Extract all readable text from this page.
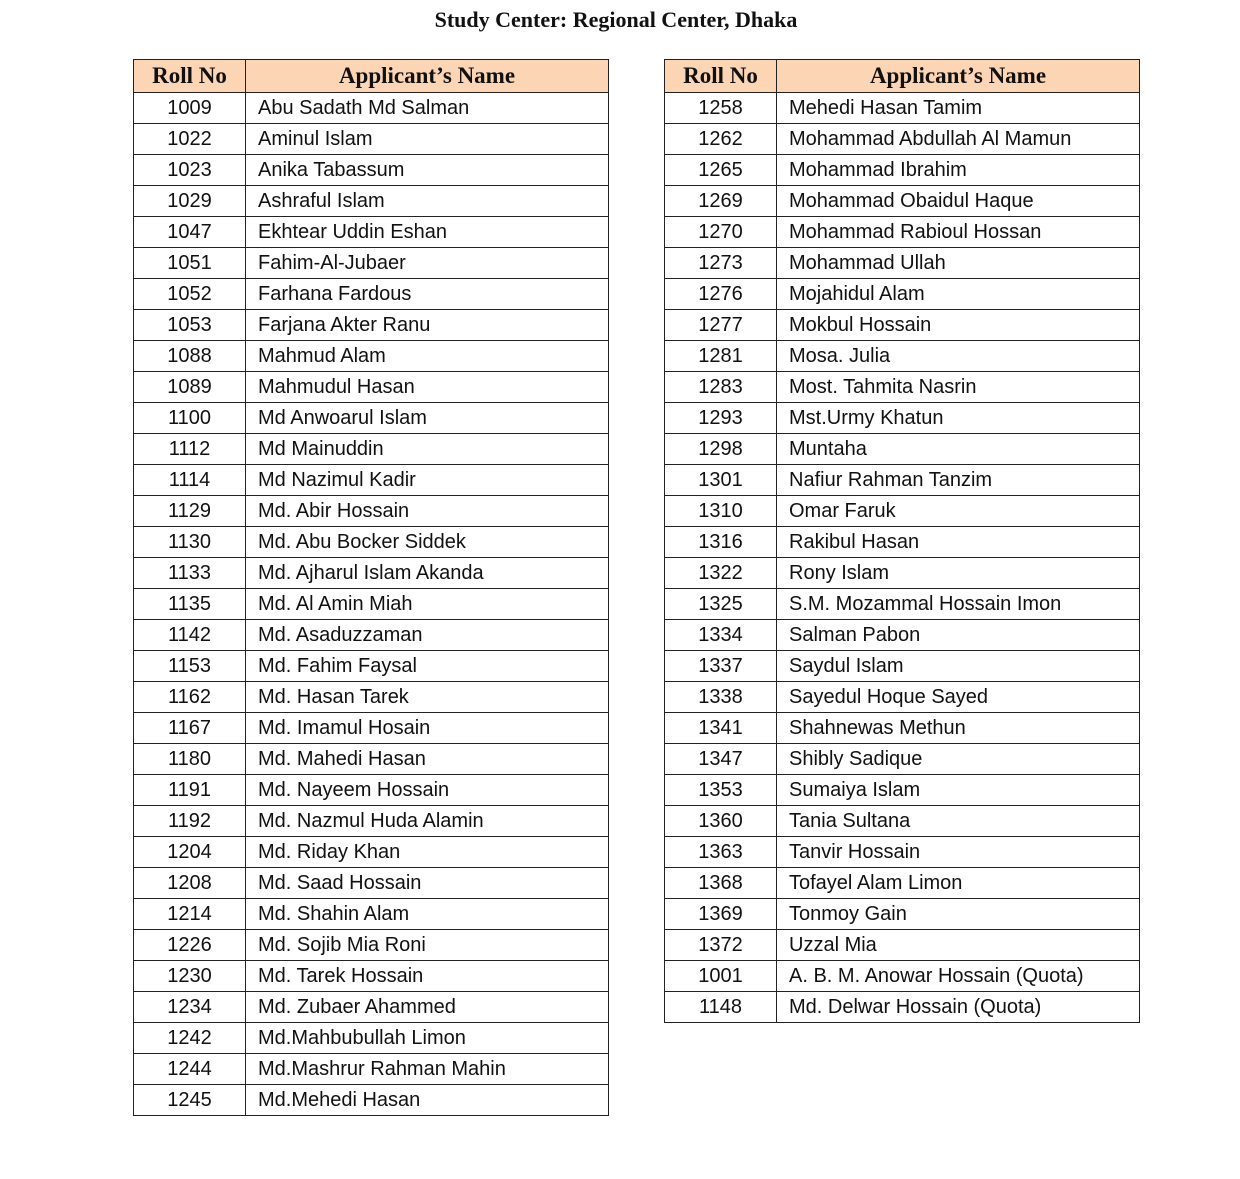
Study Center: Regional Center, Dhaka
Roll No	Applicant’s Name
1009	Abu Sadath Md Salman
1022	Aminul Islam
1023	Anika Tabassum
1029	Ashraful Islam
1047	Ekhtear Uddin Eshan
1051	Fahim-Al-Jubaer
1052	Farhana Fardous
1053	Farjana Akter Ranu
1088	Mahmud Alam
1089	Mahmudul Hasan
1100	Md Anwoarul Islam
1112	Md Mainuddin
1114	Md Nazimul Kadir
1129	Md. Abir Hossain
1130	Md. Abu Bocker Siddek
1133	Md. Ajharul Islam Akanda
1135	Md. Al Amin Miah
1142	Md. Asaduzzaman
1153	Md. Fahim Faysal
1162	Md. Hasan Tarek
1167	Md. Imamul Hosain
1180	Md. Mahedi Hasan
1191	Md. Nayeem Hossain
1192	Md. Nazmul Huda Alamin
1204	Md. Riday Khan
1208	Md. Saad Hossain
1214	Md. Shahin Alam
1226	Md. Sojib Mia Roni
1230	Md. Tarek Hossain
1234	Md. Zubaer Ahammed
1242	Md.Mahbubullah Limon
1244	Md.Mashrur Rahman Mahin
1245	Md.Mehedi Hasan
Roll No	Applicant’s Name
1258	Mehedi Hasan Tamim
1262	Mohammad Abdullah Al Mamun
1265	Mohammad Ibrahim
1269	Mohammad Obaidul Haque
1270	Mohammad Rabioul Hossan
1273	Mohammad Ullah
1276	Mojahidul Alam
1277	Mokbul Hossain
1281	Mosa. Julia
1283	Most. Tahmita Nasrin
1293	Mst.Urmy Khatun
1298	Muntaha
1301	Nafiur Rahman Tanzim
1310	Omar Faruk
1316	Rakibul Hasan
1322	Rony Islam
1325	S.M. Mozammal Hossain Imon
1334	Salman Pabon
1337	Saydul Islam
1338	Sayedul Hoque Sayed
1341	Shahnewas Methun
1347	Shibly Sadique
1353	Sumaiya Islam
1360	Tania Sultana
1363	Tanvir Hossain
1368	Tofayel Alam Limon
1369	Tonmoy Gain
1372	Uzzal Mia
1001	A. B. M. Anowar Hossain (Quota)
1148	Md. Delwar Hossain (Quota)
